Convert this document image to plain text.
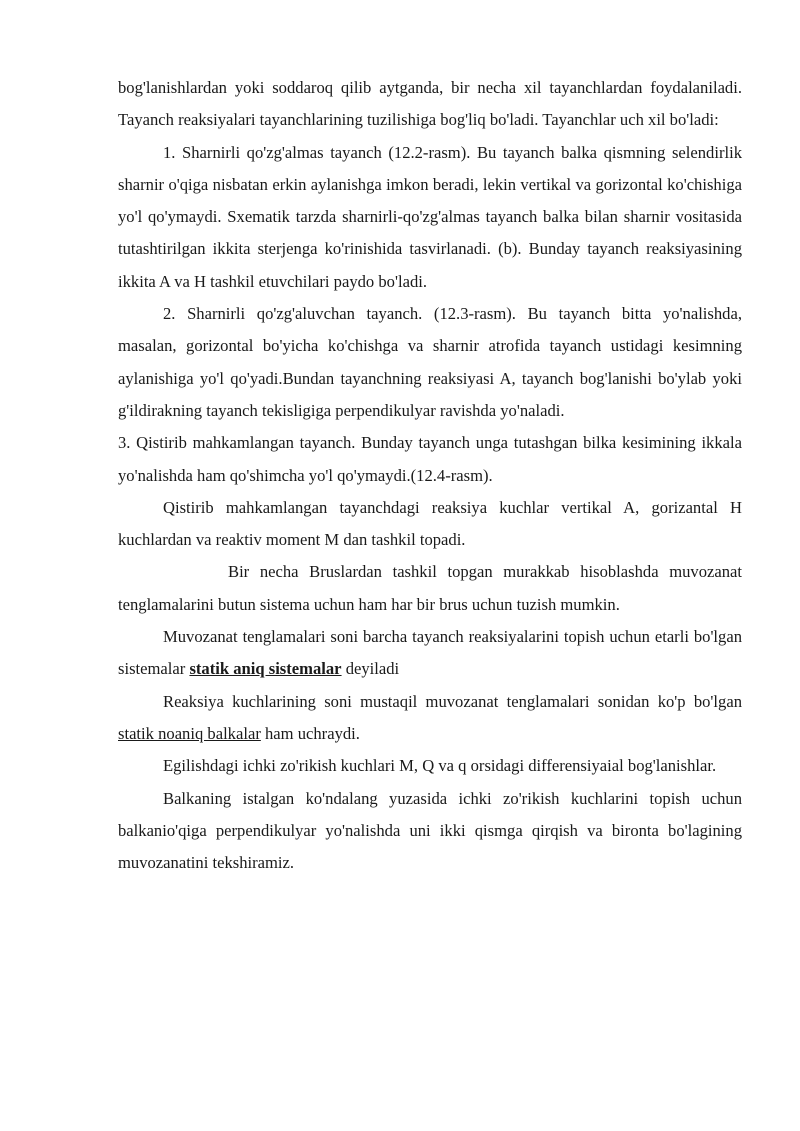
bog'lanishlardan yoki soddaroq qilib aytganda, bir necha xil tayanchlardan foydalaniladi. Tayanch reaksiyalari tayanchlarining tuzilishiga bog'liq bo'ladi. Tayanchlar uch xil bo'ladi:

1. Sharnirli qo'zg'almas tayanch (12.2-rasm). Bu tayanch balka qismning selendirlik sharnir o'qiga nisbatan erkin aylanishga imkon beradi, lekin vertikal va gorizontal ko'chishiga yo'l qo'ymaydi. Sxematik tarzda sharnirli-qo'zg'almas tayanch balka bilan sharnir vositasida tutashtirilgan ikkita sterjenga ko'rinishida tasvirlanadi. (b). Bunday tayanch reaksiyasining ikkita A va H tashkil etuvchilari paydo bo'ladi.

2. Sharnirli qo'zg'aluvchan tayanch. (12.3-rasm). Bu tayanch bitta yo'nalishda, masalan, gorizontal bo'yicha ko'chishga va sharnir atrofida tayanch ustidagi kesimning aylanishiga yo'l qo'yadi.Bundan tayanchning reaksiyasi A, tayanch bog'lanishi bo'ylab yoki g'ildirakning tayanch tekisligiga perpendikulyar ravishda yo'naladi.

3. Qistirib mahkamlangan tayanch. Bunday tayanch unga tutashgan bilka kesimining ikkala yo'nalishda ham qo'shimcha yo'l qo'ymaydi.(12.4-rasm).

Qistirib mahkamlangan tayanchdagi reaksiya kuchlar vertikal A, gorizantal H kuchlardan va reaktiv moment M dan tashkil topadi.

Bir necha Bruslardan tashkil topgan murakkab hisoblashda muvozanat tenglamalarini butun sistema uchun ham har bir brus uchun tuzish mumkin.

Muvozanat tenglamalari soni barcha tayanch reaksiyalarini topish uchun etarli bo'lgan sistemalar statik aniq sistemalar deyiladi

Reaksiya kuchlarining soni mustaqil muvozanat tenglamalari sonidan ko'p bo'lgan statik noaniq balkalar ham uchraydi.

Egilishdagi ichki zo'rikish kuchlari M, Q va q orsidagi differensiyaial bog'lanishlar.

Balkaning istalgan ko'ndalang yuzasida ichki zo'rikish kuchlarini topish uchun balkanio'qiga perpendikulyar yo'nalishda uni ikki qismga qirqish va bironta bo'lagining muvozanatini tekshiramiz.
